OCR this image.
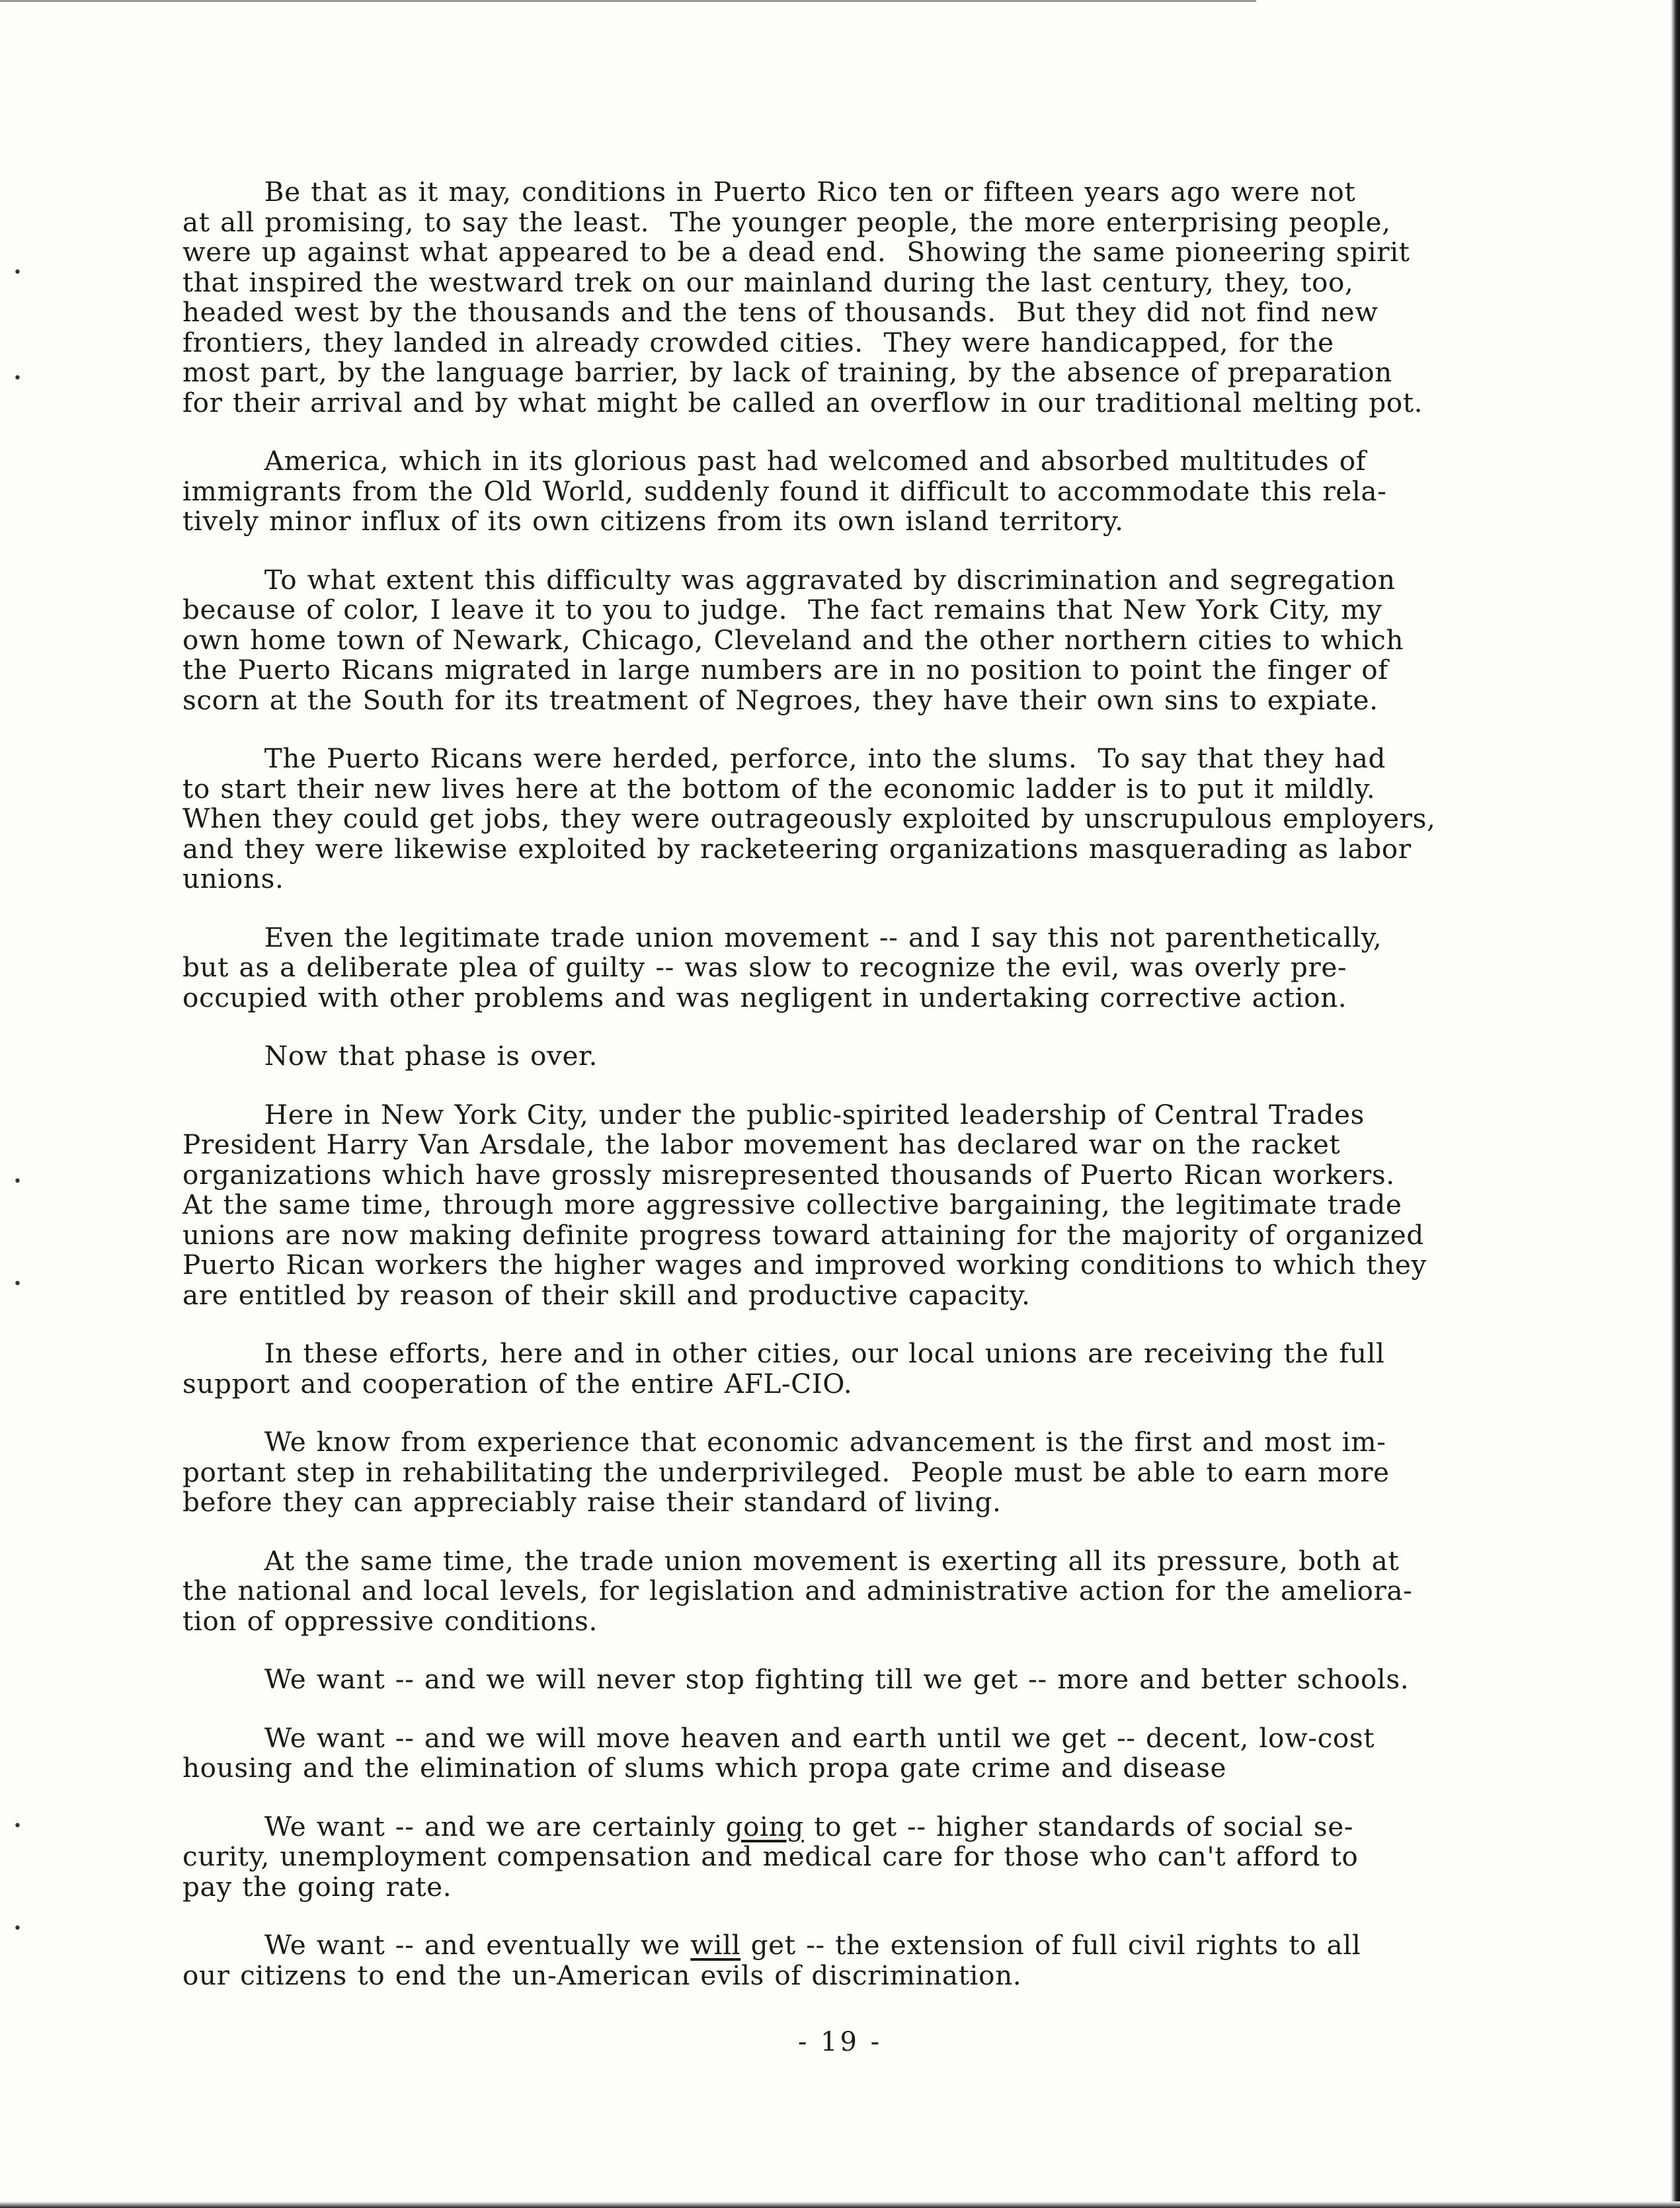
•
•
•
•
•
•
Be that as it may, conditions in Puerto Rico ten or fifteen years ago were not
at all promising, to say the least.  The younger people, the more enterprising people,
were up against what appeared to be a dead end.  Showing the same pioneering spirit
that inspired the westward trek on our mainland during the last century, they, too,
headed west by the thousands and the tens of thousands.  But they did not find new
frontiers, they landed in already crowded cities.  They were handicapped, for the
most part, by the language barrier, by lack of training, by the absence of preparation
for their arrival and by what might be called an overflow in our traditional melting pot.
America, which in its glorious past had welcomed and absorbed multitudes of
immigrants from the Old World, suddenly found it difficult to accommodate this rela-
tively minor influx of its own citizens from its own island territory.
To what extent this difficulty was aggravated by discrimination and segregation
because of color, I leave it to you to judge.  The fact remains that New York City, my
own home town of Newark, Chicago, Cleveland and the other northern cities to which
the Puerto Ricans migrated in large numbers are in no position to point the finger of
scorn at the South for its treatment of Negroes, they have their own sins to expiate.
The Puerto Ricans were herded, perforce, into the slums.  To say that they had
to start their new lives here at the bottom of the economic ladder is to put it mildly.
When they could get jobs, they were outrageously exploited by unscrupulous employers,
and they were likewise exploited by racketeering organizations masquerading as labor
unions.
Even the legitimate trade union movement -- and I say this not parenthetically,
but as a deliberate plea of guilty -- was slow to recognize the evil, was overly pre-
occupied with other problems and was negligent in undertaking corrective action.
Now that phase is over.
Here in New York City, under the public-spirited leadership of Central Trades
President Harry Van Arsdale, the labor movement has declared war on the racket
organizations which have grossly misrepresented thousands of Puerto Rican workers.
At the same time, through more aggressive collective bargaining, the legitimate trade
unions are now making definite progress toward attaining for the majority of organized
Puerto Rican workers the higher wages and improved working conditions to which they
are entitled by reason of their skill and productive capacity.
In these efforts, here and in other cities, our local unions are receiving the full
support and cooperation of the entire AFL-CIO.
We know from experience that economic advancement is the first and most im-
portant step in rehabilitating the underprivileged.  People must be able to earn more
before they can appreciably raise their standard of living.
At the same time, the trade union movement is exerting all its pressure, both at
the national and local levels, for legislation and administrative action for the ameliora-
tion of oppressive conditions.
We want -- and we will never stop fighting till we get -- more and better schools.
We want -- and we will move heaven and earth until we get -- decent, low-cost
housing and the elimination of slums which propa gate crime and disease
We want -- and we are certainly going to get -- higher standards of social se-
curity, unemployment compensation and medical care for those who can't afford to
pay the going rate.
We want -- and eventually we will get -- the extension of full civil rights to all
our citizens to end the un-American evils of discrimination.
- 19 -
